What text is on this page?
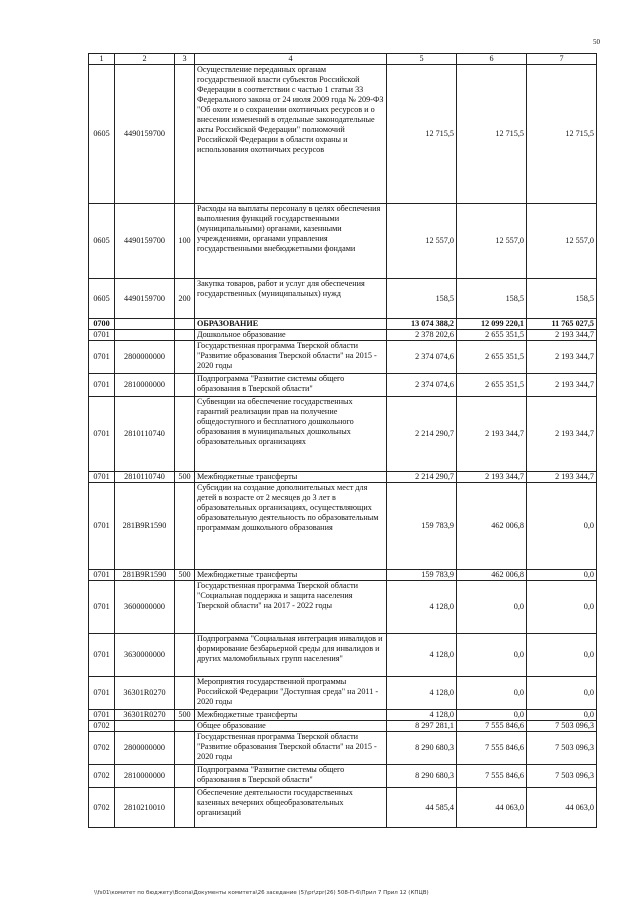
50
1	2	3	4	5	6	7
0605	4490159700		Осуществление переданных органам государственной власти субъектов Российской Федерации в соответствии с частью 1 статьи 33 Федерального закона от 24 июля 2009 года № 209-ФЗ "Об охоте и о сохранении охотничьих ресурсов и о внесении изменений в отдельные законодательные акты Российской Федерации" полномочий Российской Федерации в области охраны и использования охотничьих ресурсов	12 715,5	12 715,5	12 715,5
0605	4490159700	100	Расходы на выплаты персоналу в целях обеспечения выполнения функций государственными (муниципальными) органами, казенными учреждениями, органами управления государственными внебюджетными фондами	12 557,0	12 557,0	12 557,0
0605	4490159700	200	Закупка товаров, работ и услуг для обеспечения государственных (муниципальных) нужд	158,5	158,5	158,5
0700			ОБРАЗОВАНИЕ	13 074 388,2	12 099 220,1	11 765 027,5
0701			Дошкольное образование	2 378 202,6	2 655 351,5	2 193 344,7
0701	2800000000		Государственная программа Тверской области "Развитие образования Тверской области" на 2015 - 2020 годы	2 374 074,6	2 655 351,5	2 193 344,7
0701	2810000000		Подпрограмма "Развитие системы общего образования в Тверской области"	2 374 074,6	2 655 351,5	2 193 344,7
0701	2810110740		Субвенции на обеспечение государственных гарантий реализации прав на получение общедоступного и бесплатного дошкольного образования в муниципальных дошкольных образовательных организациях	2 214 290,7	2 193 344,7	2 193 344,7
0701	2810110740	500	Межбюджетные трансферты	2 214 290,7	2 193 344,7	2 193 344,7
0701	281В9R1590		Субсидии на создание дополнительных мест для детей в возрасте от 2 месяцев до 3 лет в образовательных организациях, осуществляющих образовательную деятельность по образовательным программам дошкольного образования	159 783,9	462 006,8	0,0
0701	281В9R1590	500	Межбюджетные трансферты	159 783,9	462 006,8	0,0
0701	3600000000		Государственная программа Тверской области "Социальная поддержка и защита населения Тверской области" на 2017 - 2022 годы	4 128,0	0,0	0,0
0701	3630000000		Подпрограмма "Социальная интеграция инвалидов и формирование безбарьерной среды для инвалидов и других маломобильных групп населения"	4 128,0	0,0	0,0
0701	36301R0270		Мероприятия государственной программы Российской Федерации "Доступная среда" на 2011 - 2020 годы	4 128,0	0,0	0,0
0701	36301R0270	500	Межбюджетные трансферты	4 128,0	0,0	0,0
0702			Общее образование	8 297 281,1	7 555 846,6	7 503 096,3
0702	2800000000		Государственная программа Тверской области "Развитие образования Тверской области" на 2015 - 2020 годы	8 290 680,3	7 555 846,6	7 503 096,3
0702	2810000000		Подпрограмма "Развитие системы общего образования в Тверской области"	8 290 680,3	7 555 846,6	7 503 096,3
0702	2810210010		Обеспечение деятельности государственных казенных вечерних общеобразовательных организаций	44 585,4	44 063,0	44 063,0
\\fs01\комитет по бюджету\Всопа\Документы комитета\26 заседание (5)\pr\zpr(26) 508-П-6\Прил 7 Прил 12 (КПЦВ)
